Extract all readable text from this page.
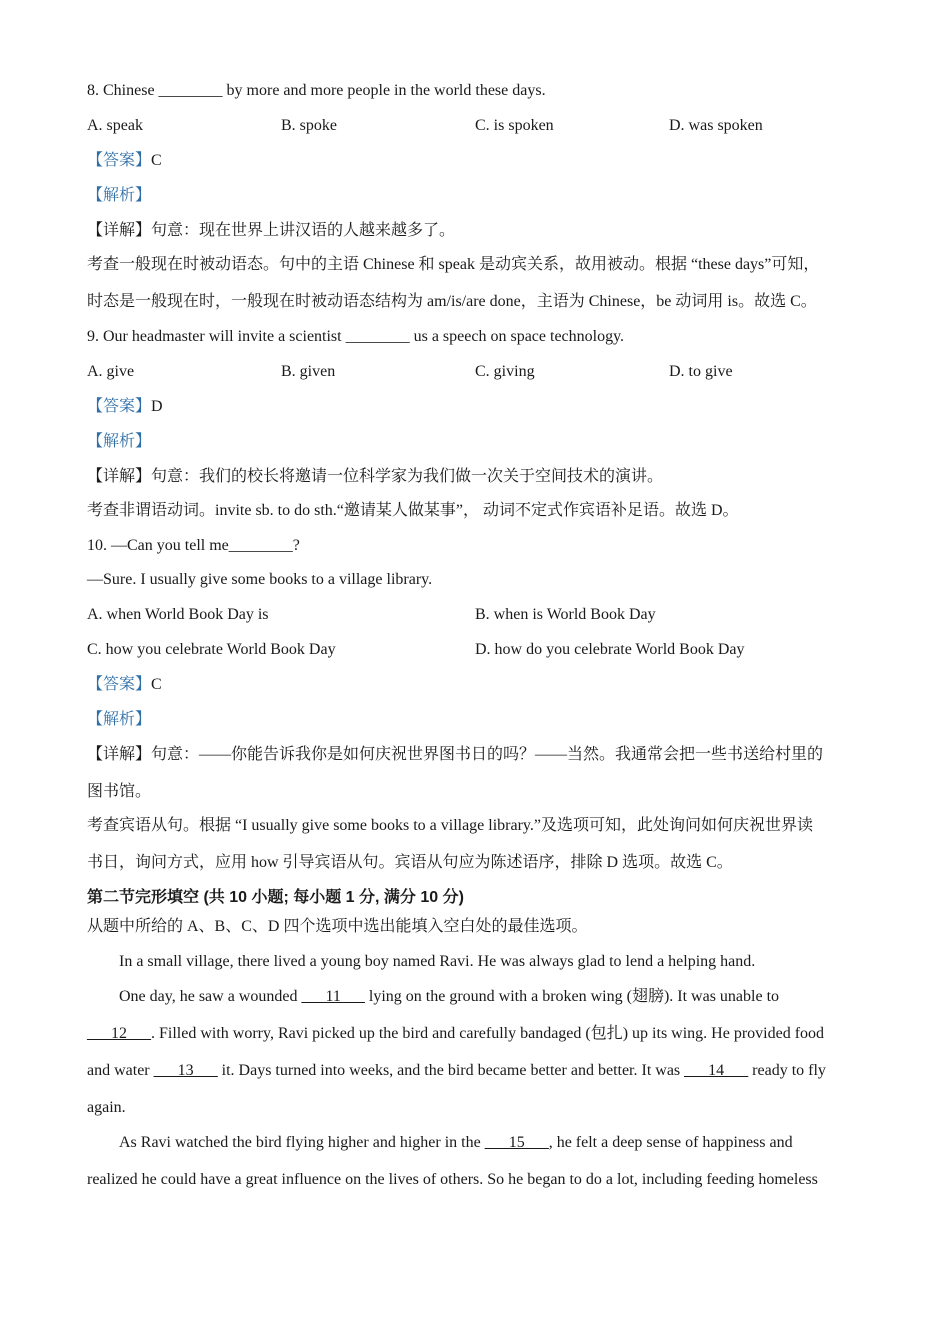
8. Chinese ________ by more and more people in the world these days.
A. speak	B. spoke	C. is spoken	D. was spoken
【答案】C
【解析】
【详解】句意：现在世界上讲汉语的人越来越多了。
考查一般现在时被动语态。句中的主语 Chinese 和 speak 是动宾关系，故用被动。根据 “these days”可知，
时态是一般现在时，一般现在时被动语态结构为 am/is/are done，主语为 Chinese，be 动词用 is。故选 C。
9. Our headmaster will invite a scientist ________ us a speech on space technology.
A. give	B. given	C. giving	D. to give
【答案】D
【解析】
【详解】句意：我们的校长将邀请一位科学家为我们做一次关于空间技术的演讲。
考查非谓语动词。invite sb. to do sth.“邀请某人做某事”， 动词不定式作宾语补足语。故选 D。
10. —Can you tell me________?
—Sure. I usually give some books to a village library.
A. when World Book Day is	B. when is World Book Day
C. how you celebrate World Book Day	D. how do you celebrate World Book Day
【答案】C
【解析】
【详解】句意：——你能告诉我你是如何庆祝世界图书日的吗？——当然。我通常会把一些书送给村里的
图书馆。
考查宾语从句。根据 “I usually give some books to a village library.”及选项可知，此处询问如何庆祝世界读
书日，询问方式，应用 how 引导宾语从句。宾语从句应为陈述语序，排除 D 选项。故选 C。
第二节完形填空 (共 10 小题; 每小题 1 分, 满分 10 分)
从题中所给的 A、B、C、D 四个选项中选出能填入空白处的最佳选项。
In a small village, there lived a young boy named Ravi. He was always glad to lend a helping hand.
One day, he saw a wounded ___11___ lying on the ground with a broken wing (翅膀). It was unable to
___12___. Filled with worry, Ravi picked up the bird and carefully bandaged (包扎) up its wing. He provided food
and water ___13___ it. Days turned into weeks, and the bird became better and better. It was ___14___ ready to fly
again.
As Ravi watched the bird flying higher and higher in the ___15___, he felt a deep sense of happiness and
realized he could have a great influence on the lives of others. So he began to do a lot, including feeding homeless
